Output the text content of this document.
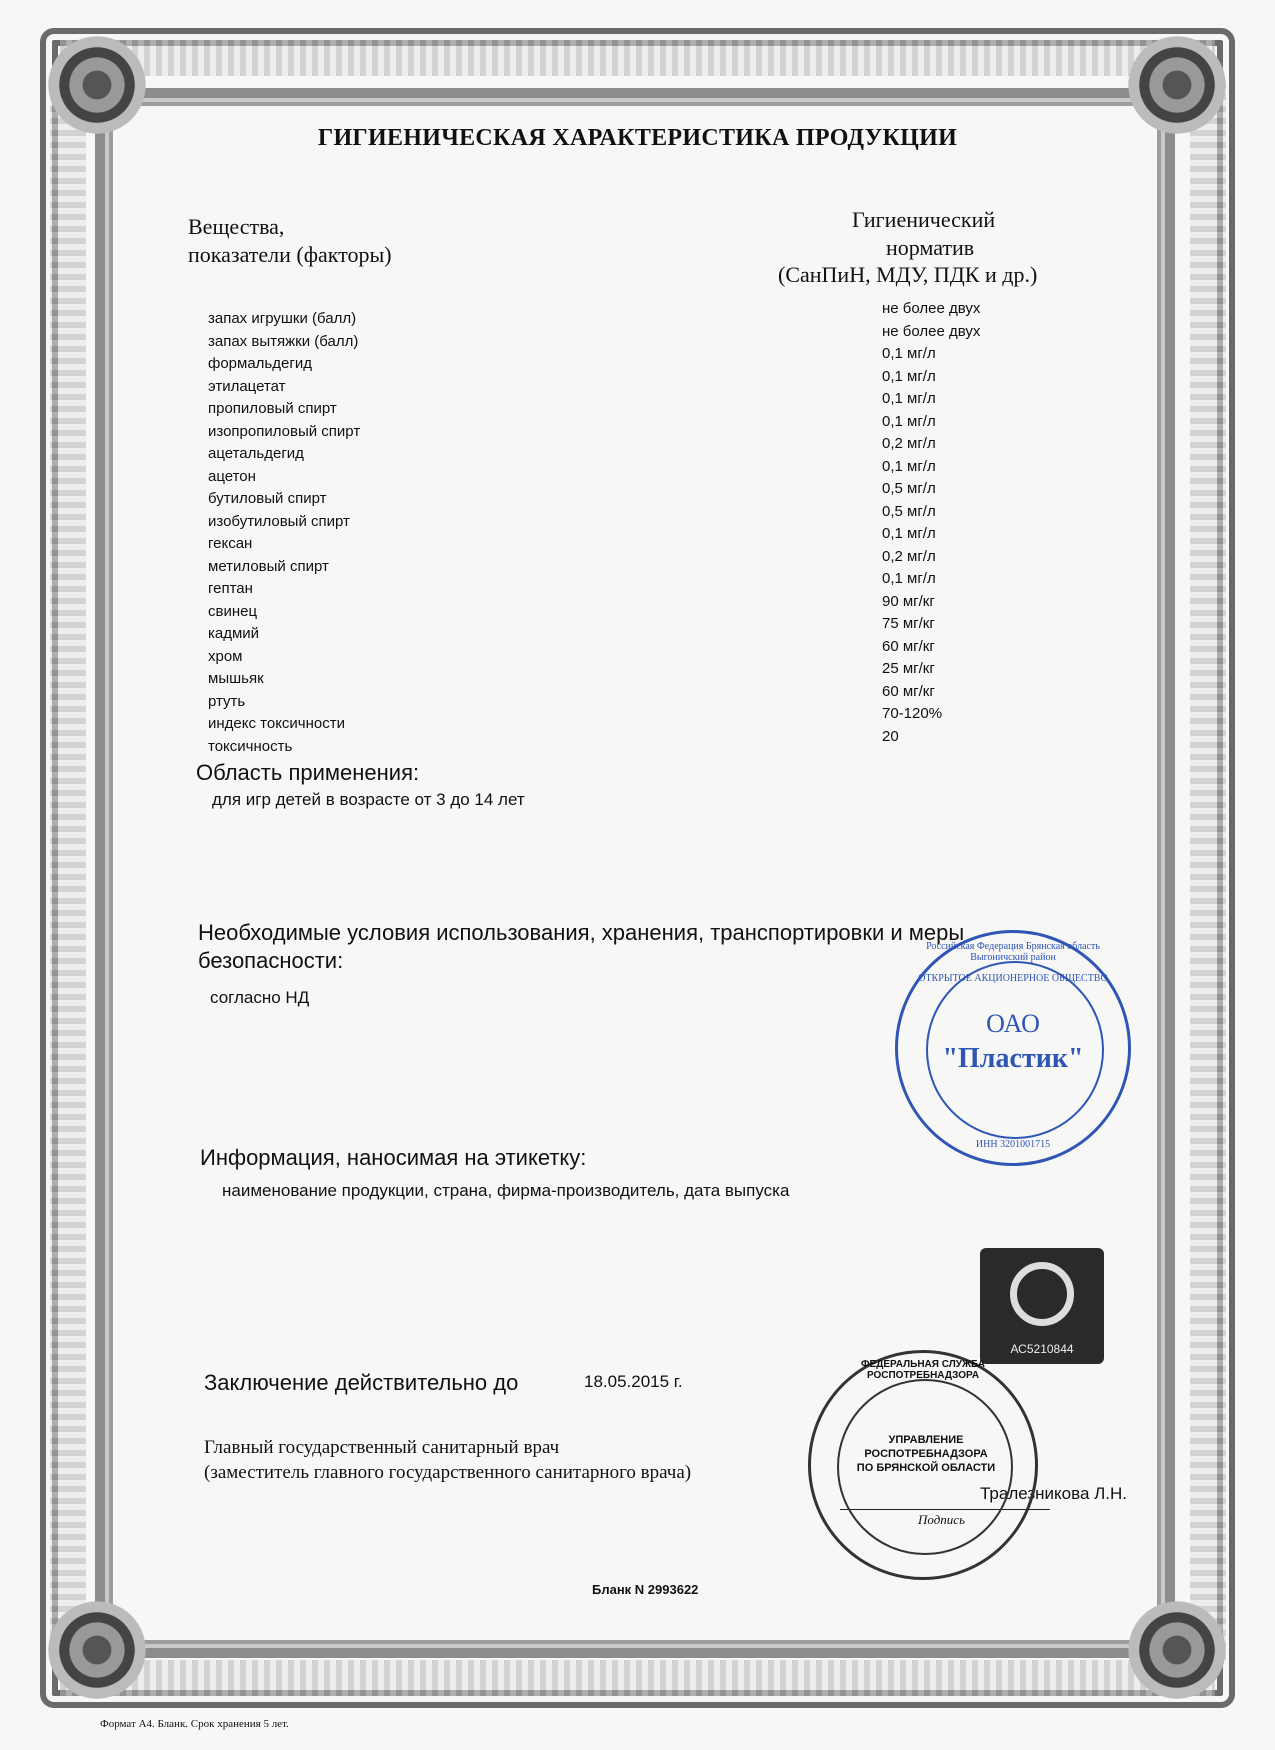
ГИГИЕНИЧЕСКАЯ ХАРАКТЕРИСТИКА ПРОДУКЦИИ
Вещества,
показатели (факторы)
Гигиенический
норматив
(СанПиН, МДУ, ПДК и др.)
запах игрушки (балл)
запах вытяжки (балл)
формальдегид
этилацетат
пропиловый спирт
изопропиловый спирт
ацетальдегид
ацетон
бутиловый спирт
изобутиловый спирт
гексан
метиловый спирт
гептан
свинец
кадмий
хром
мышьяк
ртуть
индекс токсичности
токсичность
не более двух
не более двух
0,1 мг/л
0,1 мг/л
0,1 мг/л
0,1 мг/л
0,2 мг/л
0,1 мг/л
0,5 мг/л
0,5 мг/л
0,1 мг/л
0,2 мг/л
0,1 мг/л
90 мг/кг
75 мг/кг
60 мг/кг
25 мг/кг
60 мг/кг
70-120%
20
Область применения:
для игр детей в возрасте от 3 до 14 лет
Необходимые условия использования, хранения, транспортировки и меры
безопасности:
согласно НД
Информация, наносимая на этикетку:
наименование продукции, страна, фирма-производитель, дата выпуска
Заключение действительно до	18.05.2015 г.
Главный государственный санитарный врач
(заместитель главного государственного санитарного врача)
Подпись
Тралезникова Л.Н.
Бланк N 2993622
Формат А4. Бланк. Срок хранения 5 лет.
Российская Федерация Брянская область Выгоничский район
ОТКРЫТОЕ АКЦИОНЕРНОЕ ОБЩЕСТВО
ОАО
"Пластик"
ИНН 3201001715
АС5210844
ФЕДЕРАЛЬНАЯ СЛУЖБА РОСПОТРЕБНАДЗОРА
УПРАВЛЕНИЕ РОСПОТРЕБНАДЗОРА ПО БРЯНСКОЙ ОБЛАСТИ
